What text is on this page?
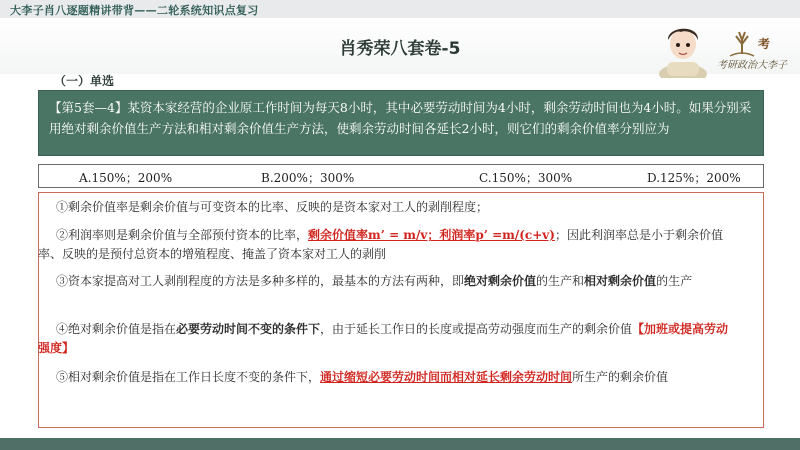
大李子肖八逐题精讲带背——二轮系统知识点复习
肖秀荣八套卷-5	考
考研政治大李子
（一）单选
【第5套—4】某资本家经营的企业原工作时间为每天8小时，其中必要劳动时间为4小时，剩余劳动时间也为4小时。如果分别采用绝对剩余价值生产方法和相对剩余价值生产方法，使剩余劳动时间各延长2小时，则它们的剩余价值率分别应为
A.150%；200%	B.200%；300%	C.150%；300%	D.125%；200%
①剩余价值率是剩余价值与可变资本的比率、反映的是资本家对工人的剥削程度；
②利润率则是剩余价值与全部预付资本的比率，剩余价值率m’ = m/v；利润率p’ =m/(c+v)；因此利润率总是小于剩余价值率、反映的是预付总资本的增殖程度、掩盖了资本家对工人的剥削
③资本家提高对工人剥削程度的方法是多种多样的，最基本的方法有两种，即绝对剩余价值的生产和相对剩余价值的生产
④绝对剩余价值是指在必要劳动时间不变的条件下，由于延长工作日的长度或提高劳动强度而生产的剩余价值【加班或提高劳动强度】
⑤相对剩余价值是指在工作日长度不变的条件下，通过缩短必要劳动时间而相对延长剩余劳动时间所生产的剩余价值
